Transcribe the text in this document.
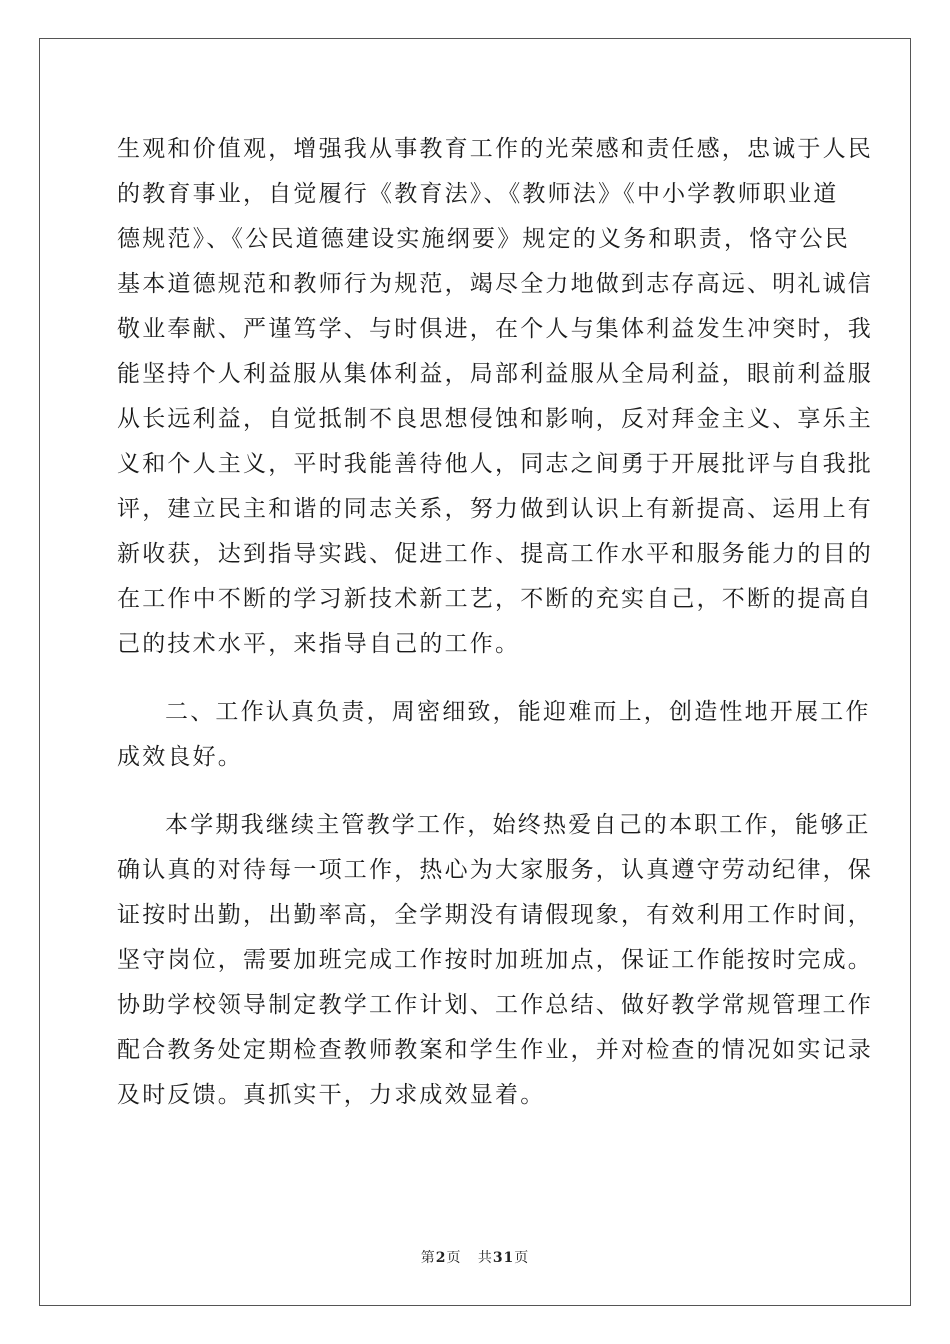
生观和价值观，增强我从事教育工作的光荣感和责任感，忠诚于人民
的教育事业，自觉履行《教育法》、《教师法》《中小学教师职业道
德规范》、《公民道德建设实施纲要》规定的义务和职责，恪守公民
基本道德规范和教师行为规范，竭尽全力地做到志存高远、明礼诚信
敬业奉献、严谨笃学、与时俱进，在个人与集体利益发生冲突时，我
能坚持个人利益服从集体利益，局部利益服从全局利益，眼前利益服
从长远利益，自觉抵制不良思想侵蚀和影响，反对拜金主义、享乐主
义和个人主义，平时我能善待他人，同志之间勇于开展批评与自我批
评，建立民主和谐的同志关系，努力做到认识上有新提高、运用上有
新收获，达到指导实践、促进工作、提高工作水平和服务能力的目的
在工作中不断的学习新技术新工艺，不断的充实自己，不断的提高自
己的技术水平，来指导自己的工作。
二、工作认真负责，周密细致，能迎难而上，创造性地开展工作
成效良好。
本学期我继续主管教学工作，始终热爱自己的本职工作，能够正
确认真的对待每一项工作，热心为大家服务，认真遵守劳动纪律，保
证按时出勤，出勤率高，全学期没有请假现象，有效利用工作时间，
坚守岗位，需要加班完成工作按时加班加点，保证工作能按时完成。
协助学校领导制定教学工作计划、工作总结、做好教学常规管理工作
配合教务处定期检查教师教案和学生作业，并对检查的情况如实记录
及时反馈。真抓实干，力求成效显着。
第2页 共31页
